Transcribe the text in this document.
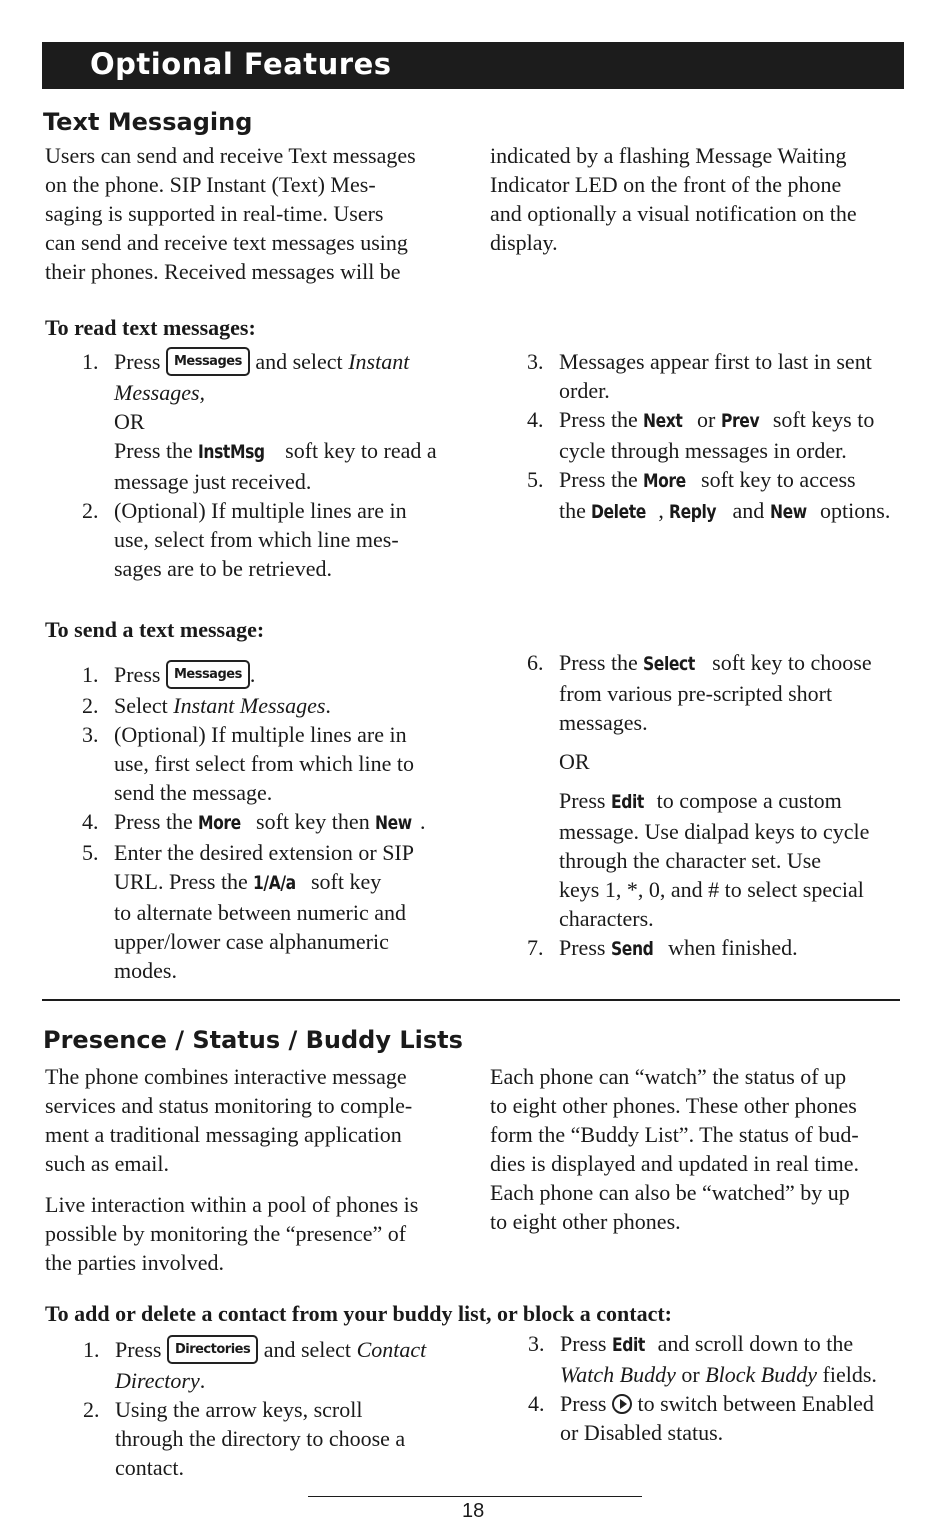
Optional Features
Text Messaging

Users can send and receive Text messages

on the phone. SIP Instant (Text) Mes-

saging is supported in real-time. Users

can send and receive text messages using

their phones. Received messages will be

indicated by a flashing Message Waiting

Indicator LED on the front of the phone

and optionally a visual notification on the

display.

To read text messages:
1. Press Messages and select Instant
Messages,
OR
Press the InstMsg soft key to read a
message just received.
2. (Optional) If multiple lines are in
use, select from which line mes-
sages are to be retrieved.
3. Messages appear first to last in sent
order.
4. Press the Next or Prev soft keys to
cycle through messages in order.
5. Press the More soft key to access
the Delete , Reply and New options.
To send a text message:
1. Press Messages .
2. Select Instant Messages.
3. (Optional) If multiple lines are in
use, first select from which line to
send the message.
4. Press the More soft key then New .
5. Enter the desired extension or SIP
URL. Press the 1/A/a soft key
to alternate between numeric and
upper/lower case alphanumeric
modes.
6. Press the Select soft key to choose
from various pre-scripted short
messages.
OR
Press Edit to compose a custom
message. Use dialpad keys to cycle
through the character set. Use
keys 1, *, 0, and # to select special
characters.
7. Press Send when finished.
Presence / Status / Buddy Lists

The phone combines interactive message

services and status monitoring to comple-

ment a traditional messaging application

such as email.

Live interaction within a pool of phones is

possible by monitoring the “presence” of

the parties involved.

Each phone can “watch” the status of up

to eight other phones. These other phones

form the “Buddy List”. The status of bud-

dies is displayed and updated in real time.

Each phone can also be “watched” by up

to eight other phones.

To add or delete a contact from your buddy list, or block a contact:
1. Press Directories and select Contact
Directory.
2. Using the arrow keys, scroll
through the directory to choose a
contact.
3. Press Edit and scroll down to the
Watch Buddy or Block Buddy fields.
4. Press to switch between Enabled
or Disabled status.
18
